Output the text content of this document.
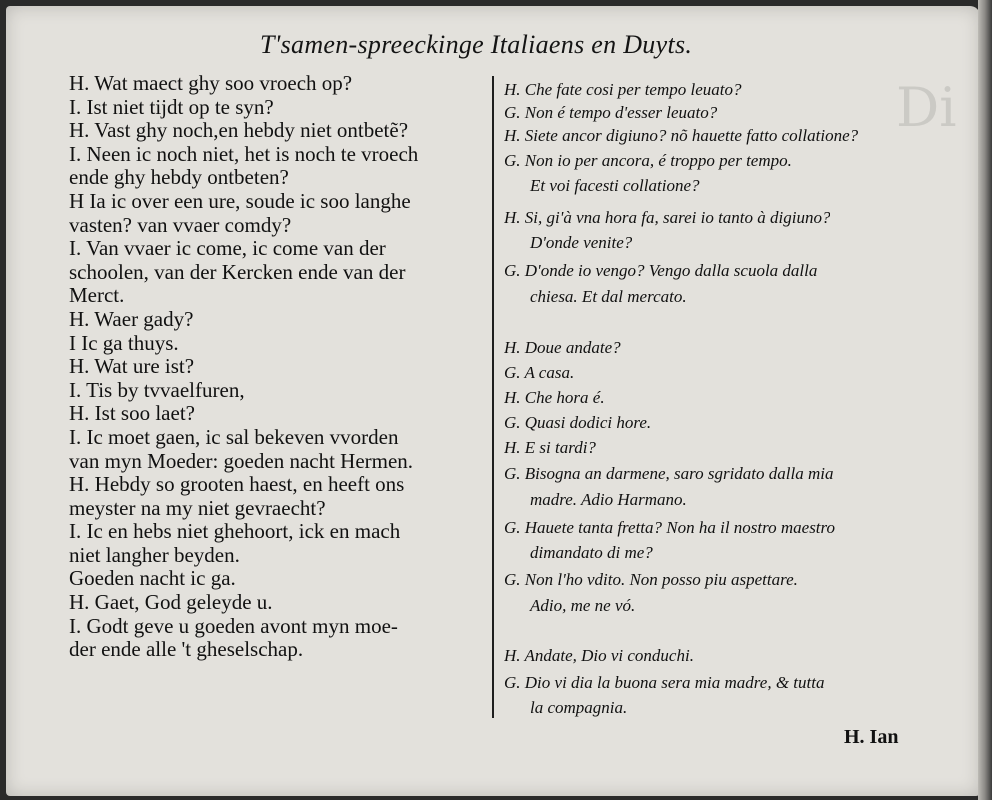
Di
T'samen-spreeckinge Italiaens en Duyts.
H. Wat maect ghy soo vroech op?
I. Ist niet tijdt op te syn?
H. Vast ghy noch,en hebdy niet ontbetẽ?
I. Neen ic noch niet, het is noch te vroech
ende ghy hebdy ontbeten?
H Ia ic over een ure, soude ic soo langhe
vasten? van vvaer comdy?
I. Van vvaer ic come, ic come van der
schoolen, van der Kercken ende van der
Merct.
H. Waer gady?
I Ic ga thuys.
H. Wat ure ist?
I. Tis by tvvaelfuren,
H. Ist soo laet?
I. Ic moet gaen, ic sal bekeven vvorden
van myn Moeder: goeden nacht Hermen.
H. Hebdy so grooten haest, en heeft ons
meyster na my niet gevraecht?
I. Ic en hebs niet ghehoort, ick en mach
niet langher beyden.
Goeden nacht ic ga.
H. Gaet, God geleyde u.
I. Godt geve u goeden avont myn moe-
der ende alle 't gheselschap.
H. Che fate cosi per tempo leuato?
G. Non é tempo d'esser leuato?
H. Siete ancor digiuno? nõ hauette fatto collatione?
G. Non io per ancora, é troppo per tempo.
Et voi facesti collatione?
H. Si, gi'à vna hora fa, sarei io tanto à digiuno?
D'onde venite?
G. D'onde io vengo? Vengo dalla scuola dalla
chiesa. Et dal mercato.
H. Doue andate?
G. A casa.
H. Che hora é.
G. Quasi dodici hore.
H. E si tardi?
G. Bisogna an darmene, saro sgridato dalla mia
madre. Adio Harmano.
G. Hauete tanta fretta? Non ha il nostro maestro
dimandato di me?
G. Non l'ho vdito. Non posso piu aspettare.
Adio, me ne vó.
H. Andate, Dio vi conduchi.
G. Dio vi dia la buona sera mia madre, & tutta
la compagnia.
H. Ian
